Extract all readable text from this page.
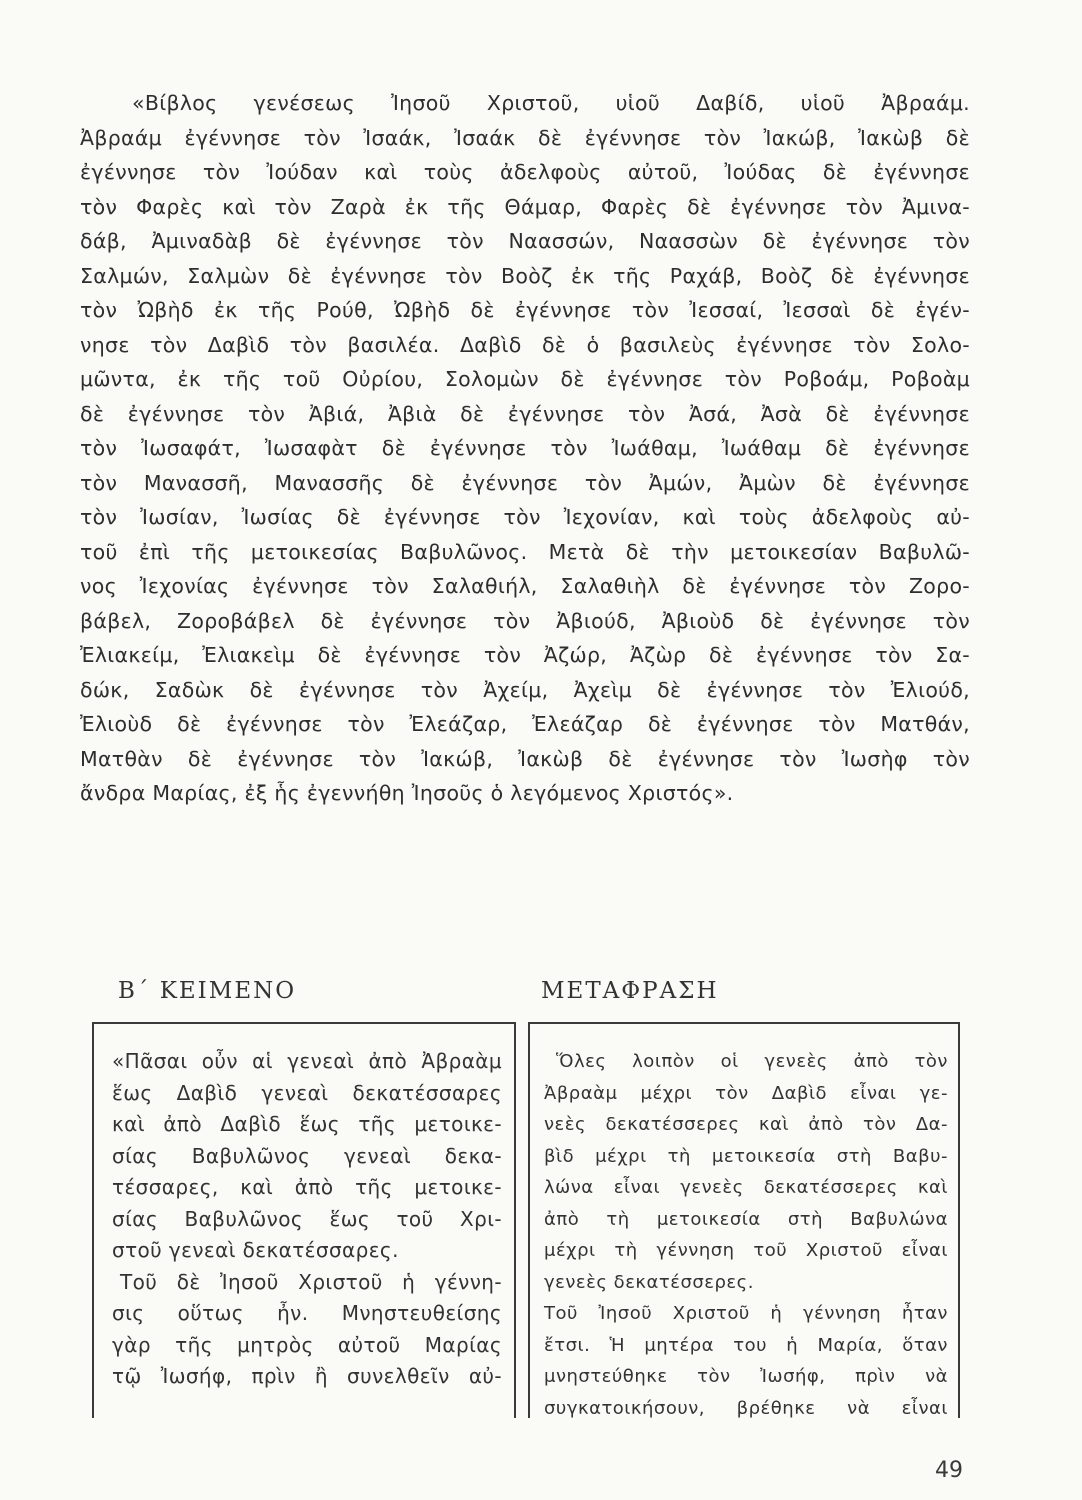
«Βίβλος γενέσεως Ἰησοῦ Χριστοῦ, υἱοῦ Δαβίδ, υἱοῦ Ἀβραάμ.
Ἀβραάμ ἐγέννησε τὸν Ἰσαάκ, Ἰσαάκ δὲ ἐγέννησε τὸν Ἰακώβ, Ἰακὼβ δὲ
ἐγέννησε τὸν Ἰούδαν καὶ τοὺς ἀδελφοὺς αὐτοῦ, Ἰούδας δὲ ἐγέννησε
τὸν Φαρὲς καὶ τὸν Ζαρὰ ἐκ τῆς Θάμαρ, Φαρὲς δὲ ἐγέννησε τὸν Ἀμινα-
δάβ, Ἀμιναδὰβ δὲ ἐγέννησε τὸν Ναασσών, Ναασσὼν δὲ ἐγέννησε τὸν
Σαλμών, Σαλμὼν δὲ ἐγέννησε τὸν Βοὸζ ἐκ τῆς Ραχάβ, Βοὸζ δὲ ἐγέννησε
τὸν Ὠβὴδ ἐκ τῆς Ρούθ, Ὠβὴδ δὲ ἐγέννησε τὸν Ἰεσσαί, Ἰεσσαὶ δὲ ἐγέν-
νησε τὸν Δαβὶδ τὸν βασιλέα. Δαβὶδ δὲ ὁ βασιλεὺς ἐγέννησε τὸν Σολο-
μῶντα, ἐκ τῆς τοῦ Οὐρίου, Σολομὼν δὲ ἐγέννησε τὸν Ροβοάμ, Ροβοὰμ
δὲ ἐγέννησε τὸν Ἀβιά, Ἀβιὰ δὲ ἐγέννησε τὸν Ἀσά, Ἀσὰ δὲ ἐγέννησε
τὸν Ἰωσαφάτ, Ἰωσαφὰτ δὲ ἐγέννησε τὸν Ἰωάθαμ, Ἰωάθαμ δὲ ἐγέννησε
τὸν Μανασσῆ, Μανασσῆς δὲ ἐγέννησε τὸν Ἀμών, Ἀμὼν δὲ ἐγέννησε
τὸν Ἰωσίαν, Ἰωσίας δὲ ἐγέννησε τὸν Ἰεχονίαν, καὶ τοὺς ἀδελφοὺς αὐ-
τοῦ ἐπὶ τῆς μετοικεσίας Βαβυλῶνος. Μετὰ δὲ τὴν μετοικεσίαν Βαβυλῶ-
νος Ἰεχονίας ἐγέννησε τὸν Σαλαθιήλ, Σαλαθιὴλ δὲ ἐγέννησε τὸν Ζορο-
βάβελ, Ζοροβάβελ δὲ ἐγέννησε τὸν Ἀβιούδ, Ἀβιοὺδ δὲ ἐγέννησε τὸν
Ἐλιακείμ, Ἐλιακεὶμ δὲ ἐγέννησε τὸν Ἀζώρ, Ἀζὼρ δὲ ἐγέννησε τὸν Σα-
δώκ, Σαδὼκ δὲ ἐγέννησε τὸν Ἀχείμ, Ἀχεὶμ δὲ ἐγέννησε τὸν Ἐλιούδ,
Ἐλιοὺδ δὲ ἐγέννησε τὸν Ἐλεάζαρ, Ἐλεάζαρ δὲ ἐγέννησε τὸν Ματθάν,
Ματθὰν δὲ ἐγέννησε τὸν Ἰακώβ, Ἰακὼβ δὲ ἐγέννησε τὸν Ἰωσὴφ τὸν
ἄνδρα Μαρίας, ἐξ ἧς ἐγεννήθη Ἰησοῦς ὁ λεγόμενος Χριστός».
Β΄ ΚΕΙΜΕΝΟ	ΜΕΤΑΦΡΑΣΗ
«Πᾶσαι οὖν αἱ γενεαὶ ἀπὸ Ἀβραὰμ
ἕως Δαβὶδ γενεαὶ δεκατέσσαρες
καὶ ἀπὸ Δαβὶδ ἕως τῆς μετοικε-
σίας Βαβυλῶνος γενεαὶ δεκα-
τέσσαρες, καὶ ἀπὸ τῆς μετοικε-
σίας Βαβυλῶνος ἕως τοῦ Χρι-
στοῦ γενεαὶ δεκατέσσαρες.
Τοῦ δὲ Ἰησοῦ Χριστοῦ ἡ γέννη-
σις οὕτως ἦν. Μνηστευθείσης
γὰρ τῆς μητρὸς αὐτοῦ Μαρίας
τῷ Ἰωσήφ, πρὶν ἢ συνελθεῖν αὐ-
Ὅλες λοιπὸν οἱ γενεὲς ἀπὸ τὸν
Ἀβραὰμ μέχρι τὸν Δαβὶδ εἶναι γε-
νεὲς δεκατέσσερες καὶ ἀπὸ τὸν Δα-
βὶδ μέχρι τὴ μετοικεσία στὴ Βαβυ-
λώνα εἶναι γενεὲς δεκατέσσερες καὶ
ἀπὸ τὴ μετοικεσία στὴ Βαβυλώνα
μέχρι τὴ γέννηση τοῦ Χριστοῦ εἶναι
γενεὲς δεκατέσσερες.
Τοῦ Ἰησοῦ Χριστοῦ ἡ γέννηση ἦταν
ἔτσι. Ἡ μητέρα του ἡ Μαρία, ὅταν
μνηστεύθηκε τὸν Ἰωσήφ, πρὶν νὰ
συγκατοικήσουν, βρέθηκε νὰ εἶναι
49
